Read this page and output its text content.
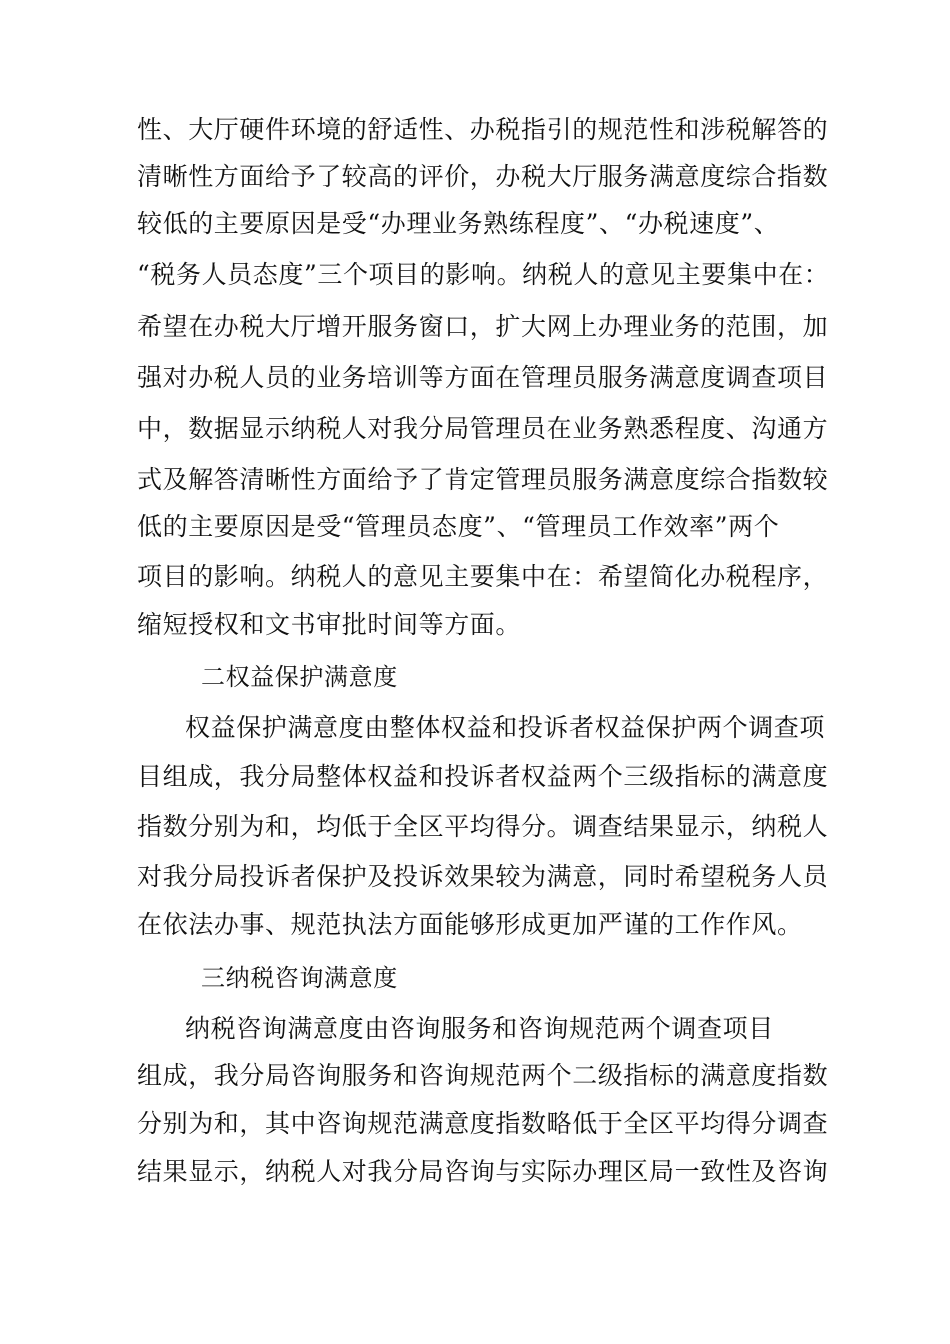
性、大厅硬件环境的舒适性、办税指引的规范性和涉税解答的
清晰性方面给予了较高的评价，办税大厅服务满意度综合指数
较低的主要原因是受“办理业务熟练程度”、“办税速度”、
“税务人员态度”三个项目的影响。纳税人的意见主要集中在：
希望在办税大厅增开服务窗口，扩大网上办理业务的范围，加
强对办税人员的业务培训等方面在管理员服务满意度调查项目
中，数据显示纳税人对我分局管理员在业务熟悉程度、沟通方
式及解答清晰性方面给予了肯定管理员服务满意度综合指数较
低的主要原因是受“管理员态度”、“管理员工作效率”两个
项目的影响。纳税人的意见主要集中在：希望简化办税程序，
缩短授权和文书审批时间等方面。
二权益保护满意度
权益保护满意度由整体权益和投诉者权益保护两个调查项
目组成，我分局整体权益和投诉者权益两个三级指标的满意度
指数分别为和，均低于全区平均得分。调查结果显示，纳税人
对我分局投诉者保护及投诉效果较为满意，同时希望税务人员
在依法办事、规范执法方面能够形成更加严谨的工作作风。
三纳税咨询满意度
纳税咨询满意度由咨询服务和咨询规范两个调查项目
组成，我分局咨询服务和咨询规范两个二级指标的满意度指数
分别为和，其中咨询规范满意度指数略低于全区平均得分调查
结果显示，纳税人对我分局咨询与实际办理区局一致性及咨询
